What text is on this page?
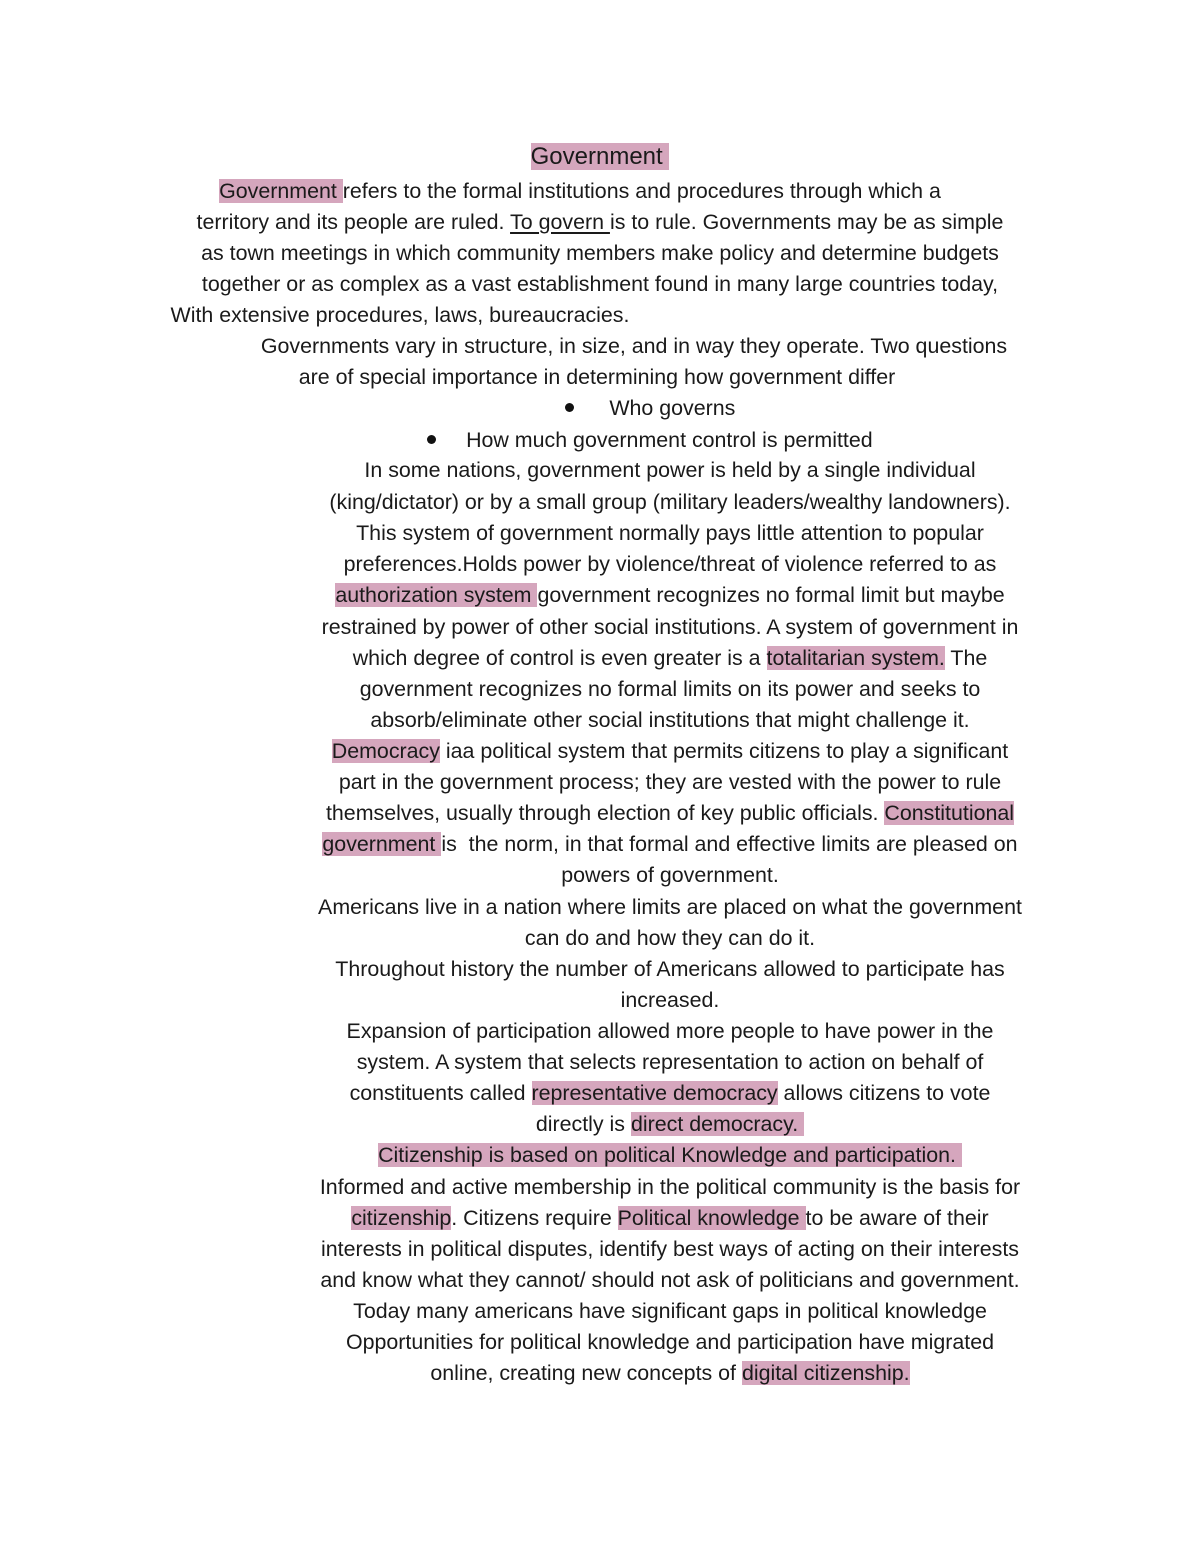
Government
Government refers to the formal institutions and procedures through which a
territory and its people are ruled. To govern is to rule. Governments may be as simple
as town meetings in which community members make policy and determine budgets
together or as complex as a vast establishment found in many large countries today,
With extensive procedures, laws, bureaucracies.
Governments vary in structure, in size, and in way they operate. Two questions
are of special importance in determining how government differ
Who governs
How much government control is permitted
In some nations, government power is held by a single individual
(king/dictator) or by a small group (military leaders/wealthy landowners).
This system of government normally pays little attention to popular
preferences.Holds power by violence/threat of violence referred to as
authorization system government recognizes no formal limit but maybe
restrained by power of other social institutions. A system of government in
which degree of control is even greater is a totalitarian system. The
government recognizes no formal limits on its power and seeks to
absorb/eliminate other social institutions that might challenge it.
Democracy iaa political system that permits citizens to play a significant
part in the government process; they are vested with the power to rule
themselves, usually through election of key public officials. Constitutional
government is  the norm, in that formal and effective limits are pleased on
powers of government.
Americans live in a nation where limits are placed on what the government
can do and how they can do it.
Throughout history the number of Americans allowed to participate has
increased.
Expansion of participation allowed more people to have power in the
system. A system that selects representation to action on behalf of
constituents called representative democracy allows citizens to vote
directly is direct democracy.
Citizenship is based on political Knowledge and participation.
Informed and active membership in the political community is the basis for
citizenship. Citizens require Political knowledge to be aware of their
interests in political disputes, identify best ways of acting on their interests
and know what they cannot/ should not ask of politicians and government.
Today many americans have significant gaps in political knowledge
Opportunities for political knowledge and participation have migrated
online, creating new concepts of digital citizenship.
